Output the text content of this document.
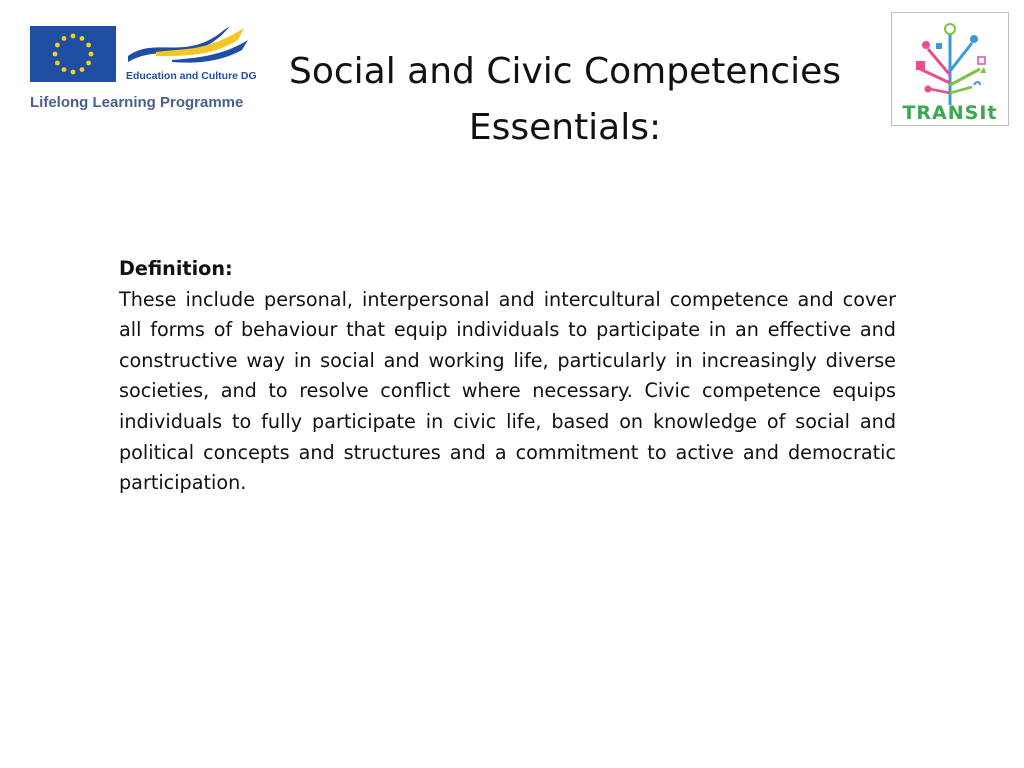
Education and Culture DG
Lifelong Learning Programme	TRANSIt
Social and Civic Competencies
Essentials:

Definition:

These include personal, interpersonal and intercultural competence and cover all forms of behaviour that equip individuals to participate in an effective and constructive way in social and working life, particularly in increasingly diverse societies, and to resolve conflict where necessary. Civic competence equips individuals to fully participate in civic life, based on knowledge of social and political concepts and structures and a commitment to active and democratic participation.
